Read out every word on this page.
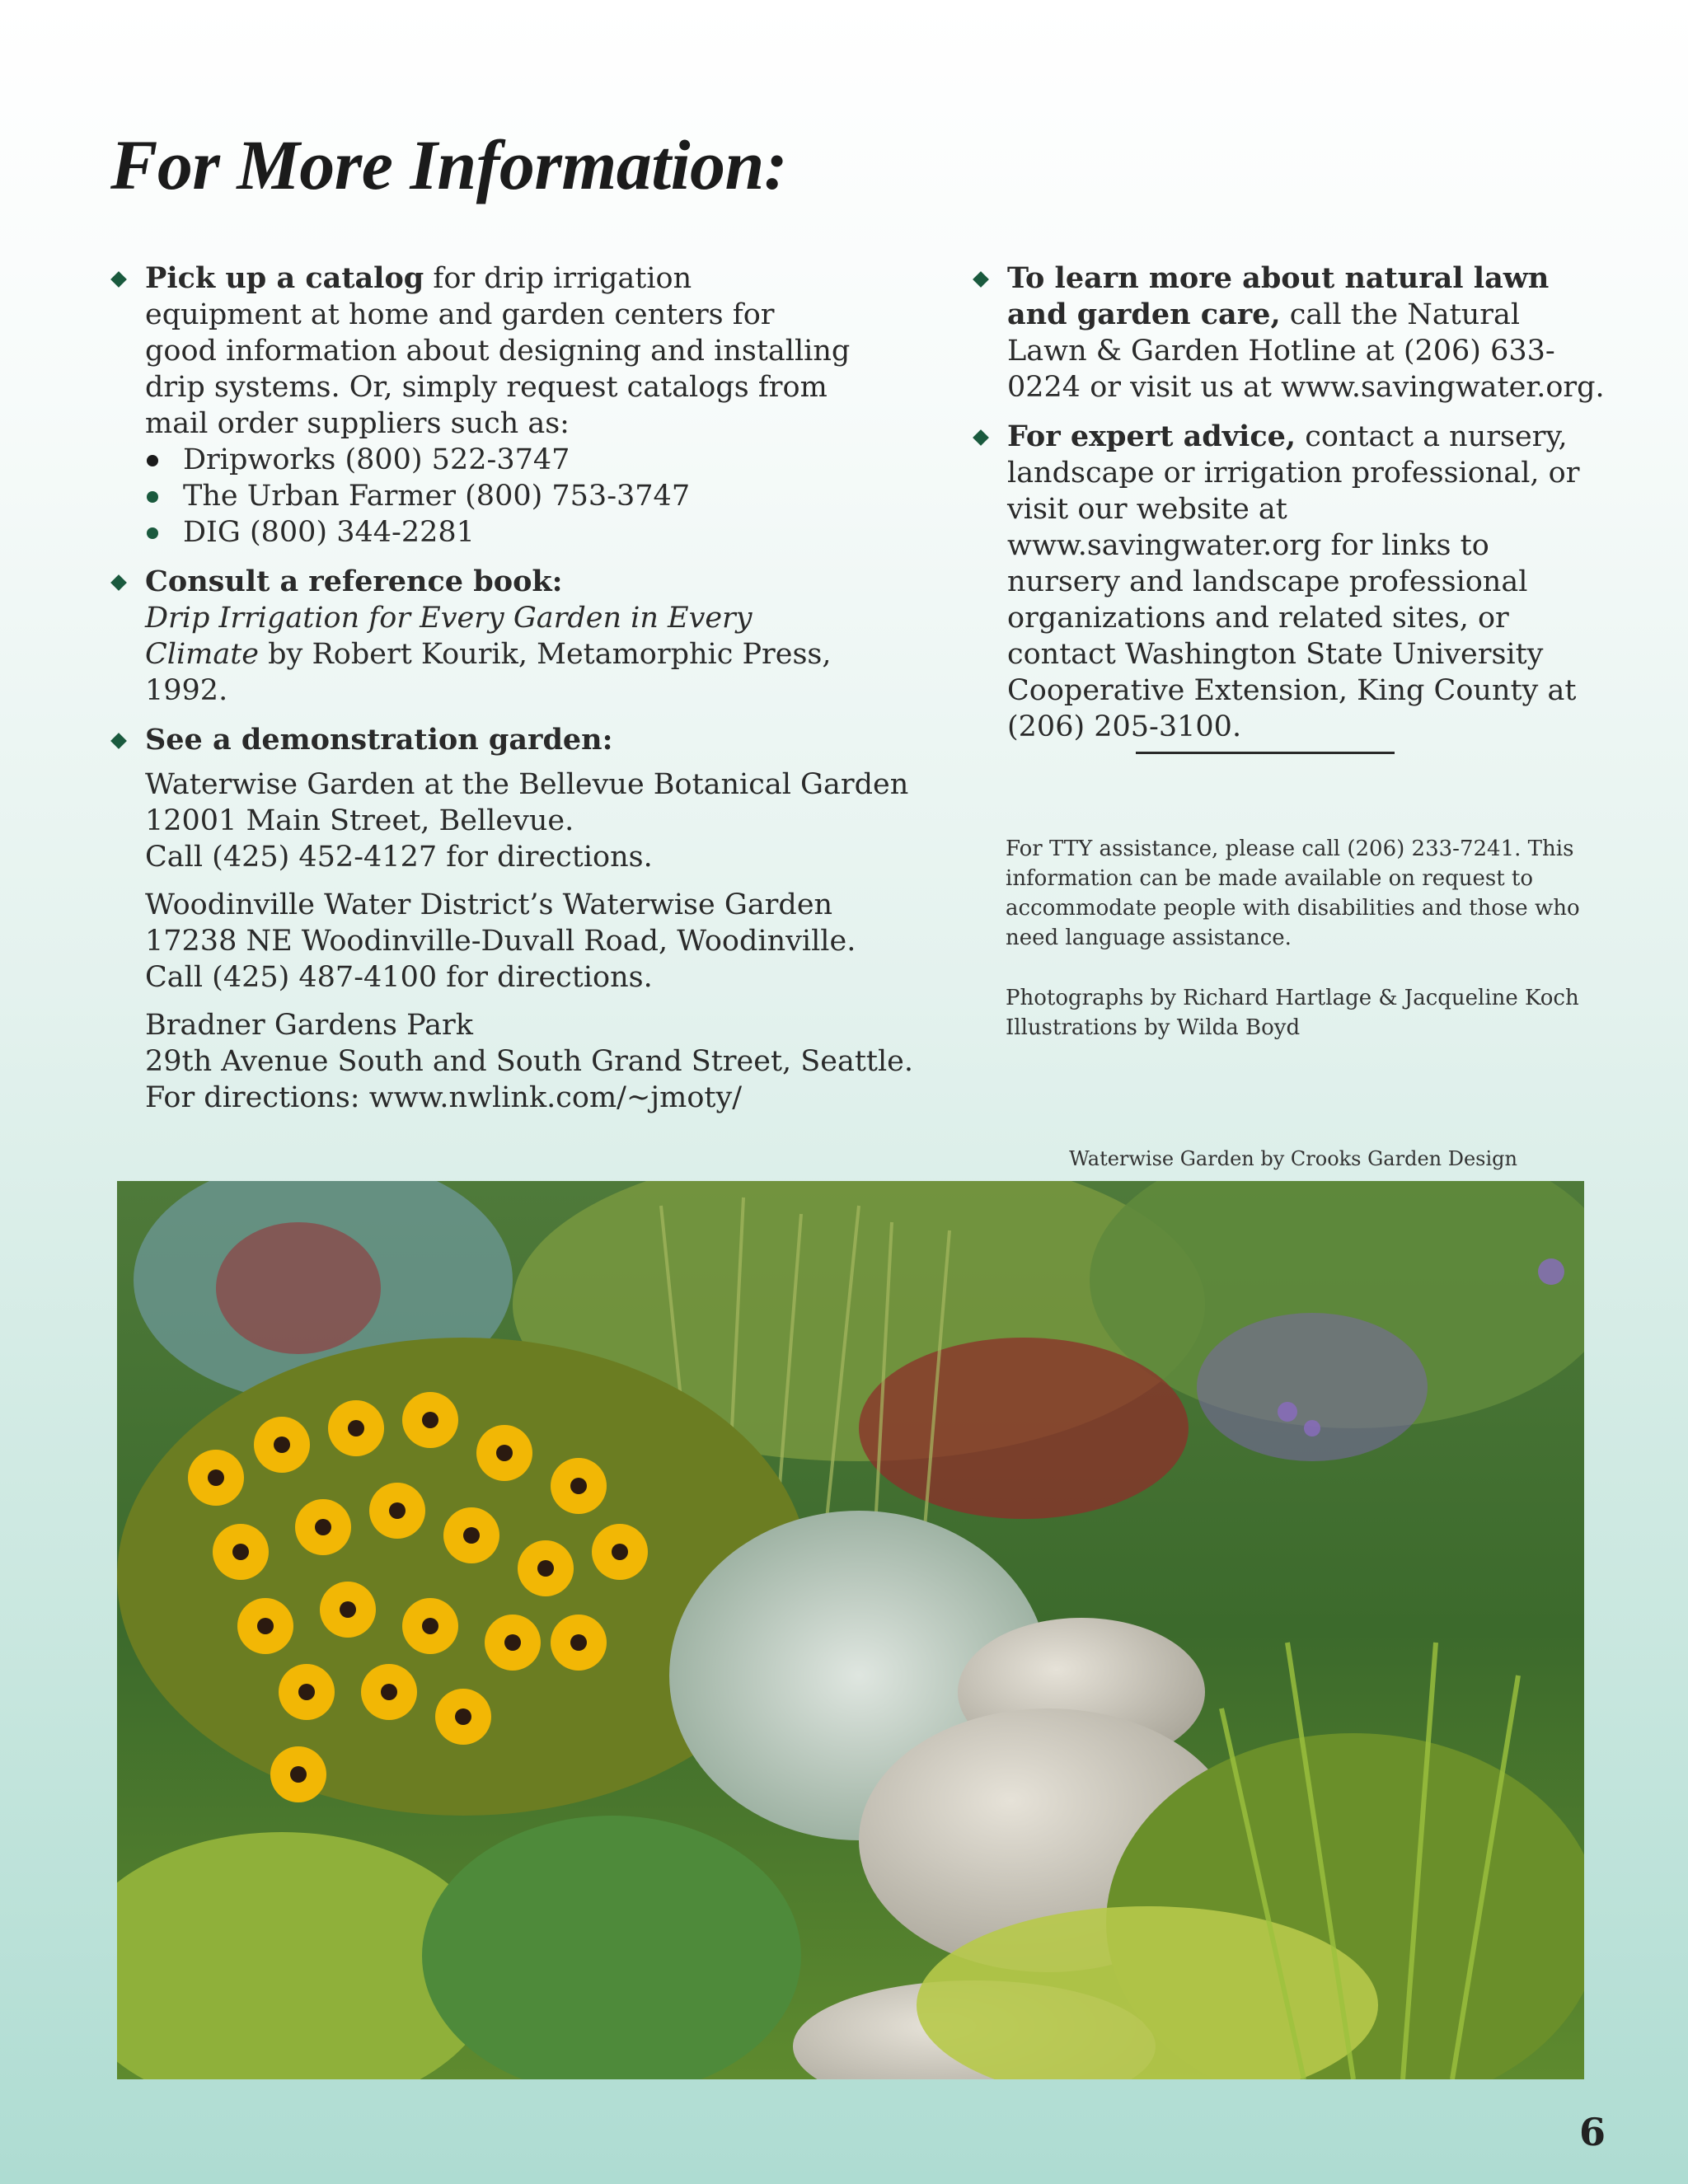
For More Information:
Pick up a catalog for drip irrigation equipment at home and garden centers for good information about designing and installing drip systems. Or, simply request catalogs from mail order suppliers such as:
Dripworks (800) 522-3747
The Urban Farmer (800) 753-3747
DIG (800) 344-2281
Consult a reference book:
Drip Irrigation for Every Garden in Every Climate by Robert Kourik, Metamorphic Press, 1992.
See a demonstration garden:
Waterwise Garden at the Bellevue Botanical Garden
12001 Main Street, Bellevue.
Call (425) 452-4127 for directions.
Woodinville Water District’s Waterwise Garden
17238 NE Woodinville-Duvall Road, Woodinville.
Call (425) 487-4100 for directions.
Bradner Gardens Park
29th Avenue South and South Grand Street, Seattle.
For directions: www.nwlink.com/~jmoty/
To learn more about natural lawn and garden care, call the Natural Lawn & Garden Hotline at (206) 633-0224 or visit us at www.savingwater.org.
For expert advice, contact a nursery, landscape or irrigation professional, or visit our website at www.savingwater.org for links to nursery and landscape professional organizations and related sites, or contact Washington State University Cooperative Extension, King County at (206) 205-3100.
For TTY assistance, please call (206) 233-7241. This information can be made available on request to accommodate people with disabilities and those who need language assistance.
Photographs by Richard Hartlage & Jacqueline Koch
Illustrations by Wilda Boyd
Waterwise Garden by Crooks Garden Design
6
